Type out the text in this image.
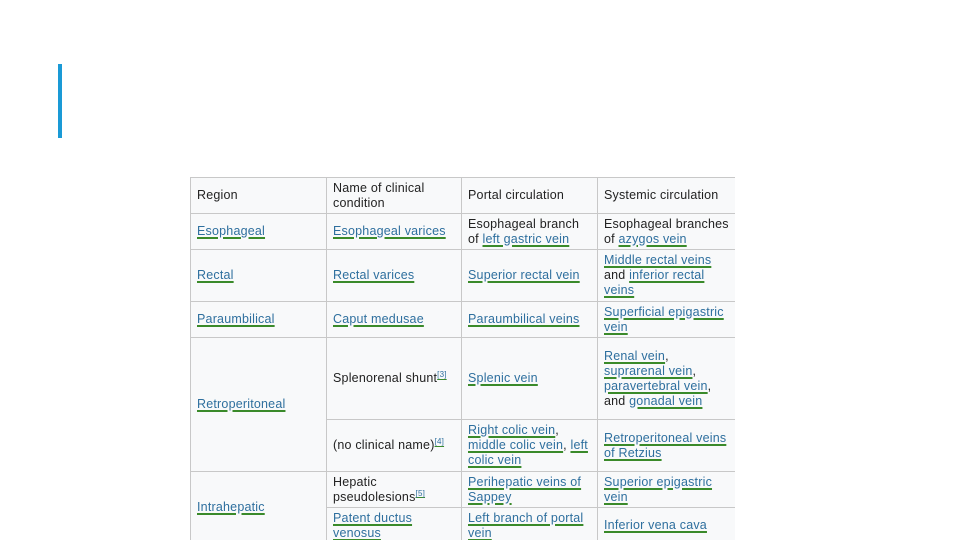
Region	Name of clinical condition	Portal circulation	Systemic circulation
Esophageal	Esophageal varices	Esophageal branch of left gastric vein	Esophageal branches of azygos vein
Rectal	Rectal varices	Superior rectal vein	Middle rectal veins and inferior rectal veins
Paraumbilical	Caput medusae	Paraumbilical veins	Superficial epigastric vein
Retroperitoneal	Splenorenal shunt[3]	Splenic vein	Renal vein, suprarenal vein, paravertebral vein, and gonadal vein
	(no clinical name)[4]	Right colic vein, middle colic vein, left colic vein	Retroperitoneal veins of Retzius
Intrahepatic	Hepatic pseudolesions[5]	Perihepatic veins of Sappey	Superior epigastric vein
	Patent ductus venosus	Left branch of portal vein	Inferior vena cava
